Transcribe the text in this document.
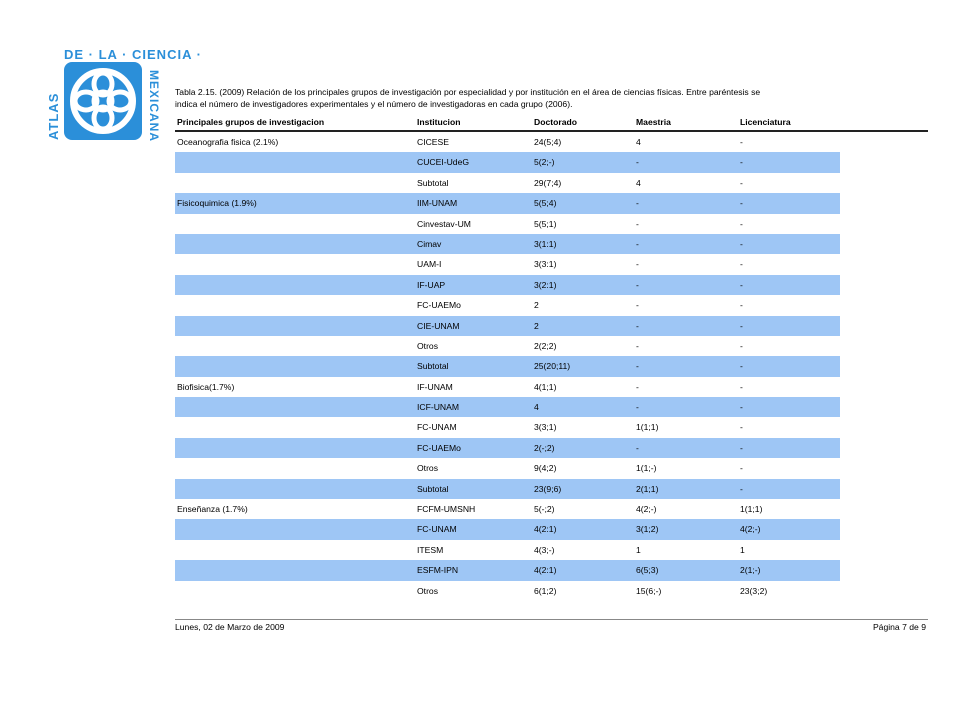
DE · LA · CIENCIA ·
ATLAS	MEXICANA Tabla 2.15. (2009) Relación de los principales grupos de investigación por especialidad y por institución en el área de ciencias físicas. Entre paréntesis se
indica el número de investigadores experimentales y el número de investigadoras en cada grupo (2006).
Principales grupos de investigacion	Institucion	Doctorado	Maestria	Licenciatura
Oceanografia fisica (2.1%)	CICESE	24(5;4)	4	-
CUCEI-UdeG	5(2;-)	-	-
Subtotal	29(7;4)	4	-
Fisicoquimica (1.9%)	IIM-UNAM	5(5;4)	-	-
Cinvestav-UM	5(5;1)	-	-
Cimav	3(1:1)	-	-
UAM-I	3(3:1)	-	-
IF-UAP	3(2:1)	-	-
FC-UAEMo	2	-	-
CIE-UNAM	2	-	-
Otros	2(2;2)	-	-
Subtotal	25(20;11)	-	-
Biofisica(1.7%)	IF-UNAM	4(1;1)	-	-
ICF-UNAM	4	-	-
FC-UNAM	3(3;1)	1(1;1)	-
FC-UAEMo	2(-;2)	-	-
Otros	9(4;2)	1(1;-)	-
Subtotal	23(9;6)	2(1;1)	-
Enseñanza (1.7%)	FCFM-UMSNH	5(-;2)	4(2;-)	1(1;1)
FC-UNAM	4(2:1)	3(1;2)	4(2;-)
ITESM	4(3;-)	1	1
ESFM-IPN	4(2:1)	6(5;3)	2(1;-)
Otros	6(1;2)	15(6;-)	23(3;2)
Lunes, 02 de Marzo de 2009	Página 7 de 9
